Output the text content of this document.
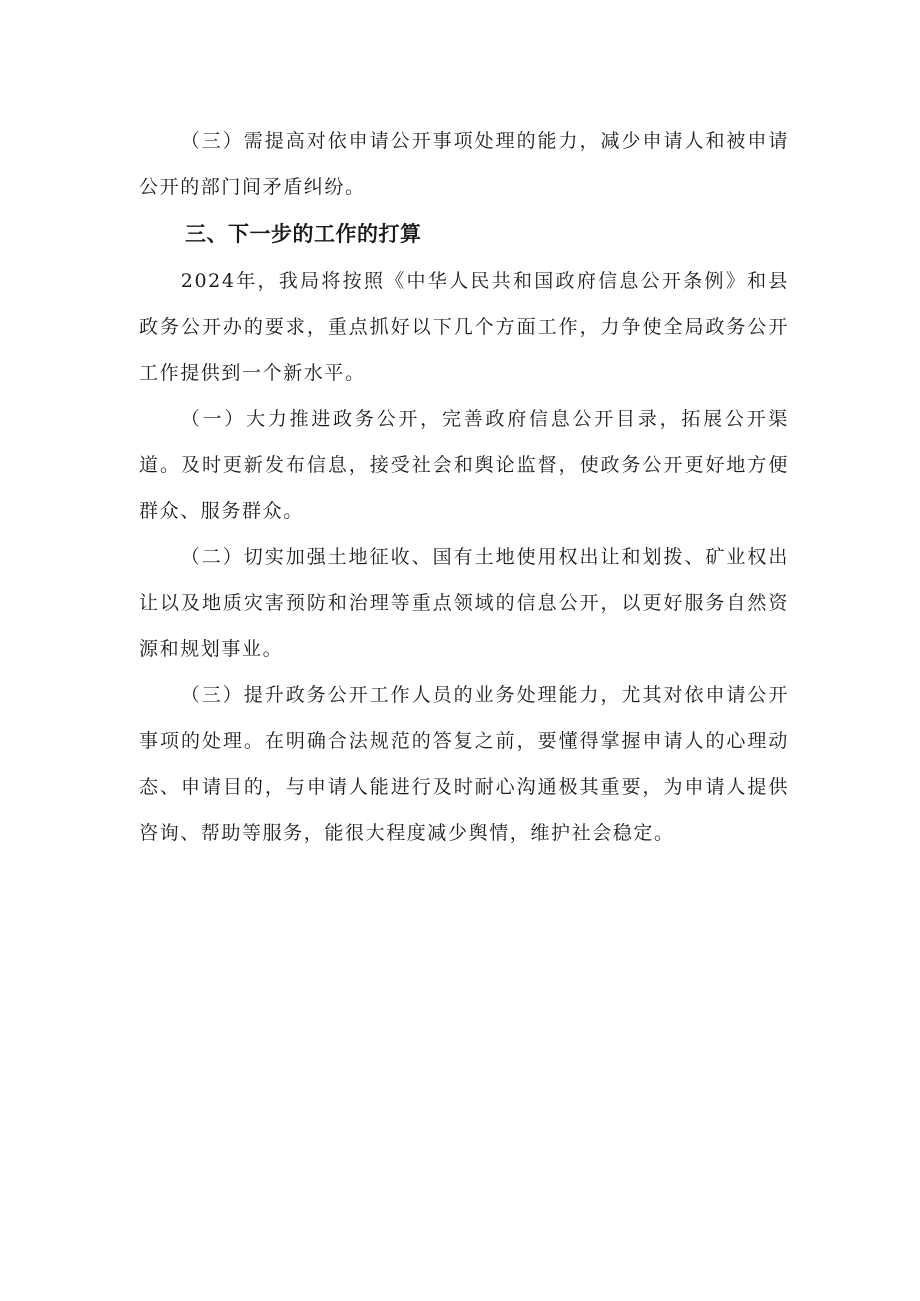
（三）需提高对依申请公开事项处理的能力，减少申请人和被申请公开的部门间矛盾纠纷。

三、下一步的工作的打算

2024年，我局将按照《中华人民共和国政府信息公开条例》和县政务公开办的要求，重点抓好以下几个方面工作，力争使全局政务公开工作提供到一个新水平。

（一）大力推进政务公开，完善政府信息公开目录，拓展公开渠道。及时更新发布信息，接受社会和舆论监督，使政务公开更好地方便群众、服务群众。

（二）切实加强土地征收、国有土地使用权出让和划拨、矿业权出让以及地质灾害预防和治理等重点领域的信息公开，以更好服务自然资源和规划事业。

（三）提升政务公开工作人员的业务处理能力，尤其对依申请公开事项的处理。在明确合法规范的答复之前，要懂得掌握申请人的心理动态、申请目的，与申请人能进行及时耐心沟通极其重要，为申请人提供咨询、帮助等服务，能很大程度减少舆情，维护社会稳定。
